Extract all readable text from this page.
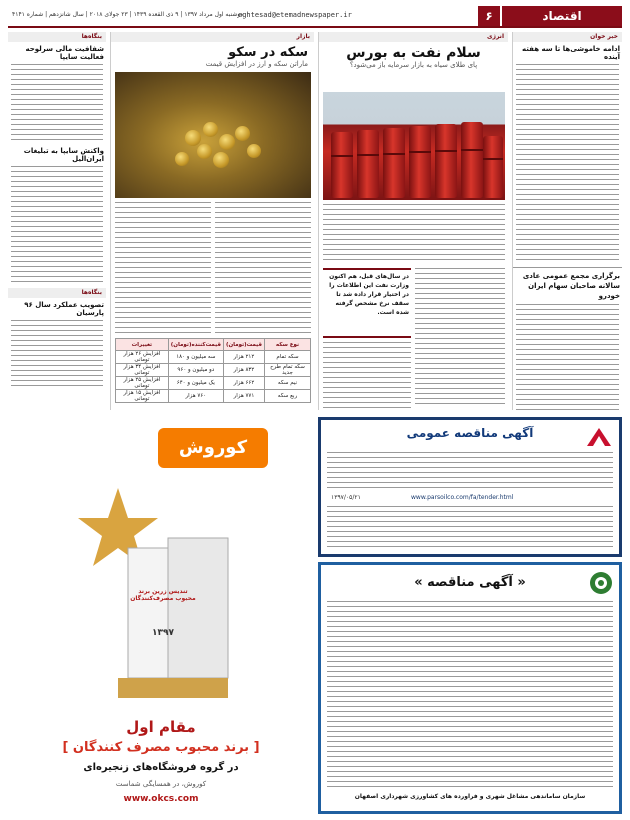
اقتصاد
۶
eghtesad@etemadnewspaper.ir
دوشنبه اول مرداد ۱۳۹۷ | ۹ ذی القعده ۱۴۳۹ | ۲۳ جولای ۲۰۱۸ | سال شانزدهم | شماره ۴۱۴۱
خبر خوان
ادامه خاموشی‌ها تا سه هفته آینده
برگزاری مجمع عمومی عادی سالانه صاحبان سهام ایران خودرو
انرژی
سلام نفت به بورس
پای طلای سیاه به بازار سرمایه باز می‌شود؟
در سال‌های قبل، هم اکنون وزارت نفت این اطلاعات را در اختیار قرار داده شد تا سقف نرخ مشخص گرفته شده است.
بازار
سکه در سکو
ماراتن سکه و ارز در افزایش قیمت
نوع سکه	قیمت(تومان)	قیمت‌کننده(تومان)	تغییرات
سکه تمام	۲۱۲ هزار	سه میلیون و ۱۸۰	افزایش ۲۶ هزار تومانی
سکه تمام طرح جدید	۸۳۲ هزار	دو میلیون و ۹۶۰	افزایش ۳۴ هزار تومانی
نیم سکه	۶۶۲ هزار	یک میلیون و ۶۴۰	افزایش ۲۵ هزار تومانی
ربع سکه	۷۷۱ هزار	۷۶۰ هزار	افزایش ۱۵ هزار تومانی
بنگاه‌ها
شفافیت مالی سرلوحه فعالیت سایپا
واکنش سایپا به تبلیغات ایران‌الیل
بنگاه‌ها
تصویب عملکرد سال ۹۶ پارسیان
آگهی مناقصه عمومی
www.parsoilco.com/fa/tender.html
۱۳۹۷/۰۵/۲۱
« آگهی مناقصه »
سازمان ساماندهی مشاغل شهری و فرآورده های کشاورزی شهرداری اصفهان
کوروش
تندیس زرین برند محبوب مصرف‌کنندگان
۱۳۹۷
مقام اول
[ برند محبوب مصرف کنندگان ]
در گروه فروشگاه‌های زنجیره‌ای
کوروش، در همسایگی شماست
www.okcs.com
